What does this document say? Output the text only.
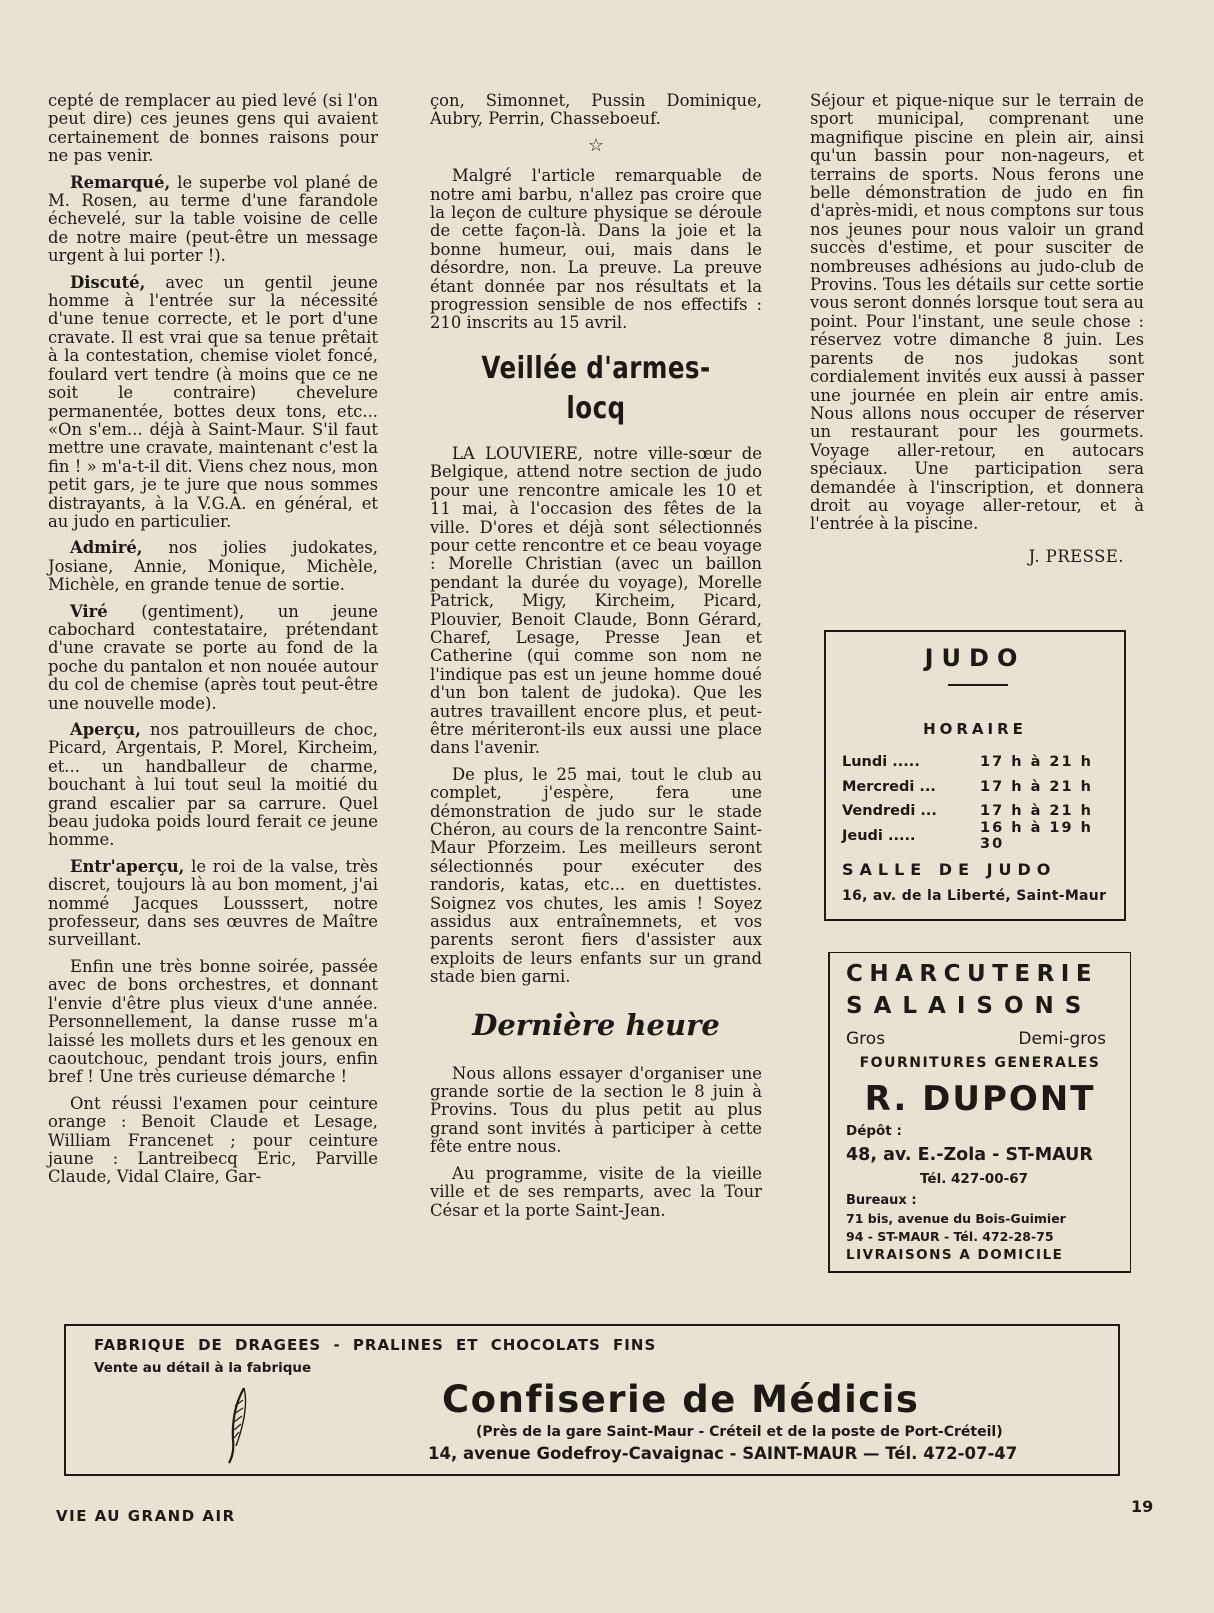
cepté de remplacer au pied levé (si l'on peut dire) ces jeunes gens qui avaient certainement de bonnes raisons pour ne pas venir.

Remarqué, le superbe vol plané de M. Rosen, au terme d'une farandole échevelé, sur la table voisine de celle de notre maire (peut-être un message urgent à lui porter !).

Discuté, avec un gentil jeune homme à l'entrée sur la nécessité d'une tenue correcte, et le port d'une cravate. Il est vrai que sa tenue prêtait à la contestation, chemise violet foncé, foulard vert tendre (à moins que ce ne soit le contraire) chevelure permanentée, bottes deux tons, etc... «On s'em... déjà à Saint-Maur. S'il faut mettre une cravate, maintenant c'est la fin ! » m'a-t-il dit. Viens chez nous, mon petit gars, je te jure que nous sommes distrayants, à la V.G.A. en général, et au judo en particulier.

Admiré, nos jolies judokates, Josiane, Annie, Monique, Michèle, Michèle, en grande tenue de sortie.

Viré (gentiment), un jeune cabochard contestataire, prétendant d'une cravate se porte au fond de la poche du pantalon et non nouée autour du col de chemise (après tout peut-être une nouvelle mode).

Aperçu, nos patrouilleurs de choc, Picard, Argentais, P. Morel, Kircheim, et... un handballeur de charme, bouchant à lui tout seul la moitié du grand escalier par sa carrure. Quel beau judoka poids lourd ferait ce jeune homme.

Entr'aperçu, le roi de la valse, très discret, toujours là au bon moment, j'ai nommé Jacques Lousssert, notre professeur, dans ses œuvres de Maître surveillant.

Enfin une très bonne soirée, passée avec de bons orchestres, et donnant l'envie d'être plus vieux d'une année. Personnellement, la danse russe m'a laissé les mollets durs et les genoux en caoutchouc, pendant trois jours, enfin bref ! Une très curieuse démarche !

Ont réussi l'examen pour ceinture orange : Benoit Claude et Lesage, William Francenet ; pour ceinture jaune : Lantreibecq Eric, Parville Claude, Vidal Claire, Gar-

çon, Simonnet, Pussin Dominique, Aubry, Perrin, Chasseboeuf.

☆

Malgré l'article remarquable de notre ami barbu, n'allez pas croire que la leçon de culture physique se déroule de cette façon-là. Dans la joie et la bonne humeur, oui, mais dans le désordre, non. La preuve. La preuve étant donnée par nos résultats et la progression sensible de nos effectifs : 210 inscrits au 15 avril.

Veillée d'armes-locq

LA LOUVIERE, notre ville-sœur de Belgique, attend notre section de judo pour une rencontre amicale les 10 et 11 mai, à l'occasion des fêtes de la ville. D'ores et déjà sont sélectionnés pour cette rencontre et ce beau voyage : Morelle Christian (avec un baillon pendant la durée du voyage), Morelle Patrick, Migy, Kircheim, Picard, Plouvier, Benoit Claude, Bonn Gérard, Charef, Lesage, Presse Jean et Catherine (qui comme son nom ne l'indique pas est un jeune homme doué d'un bon talent de judoka). Que les autres travaillent encore plus, et peut-être mériteront-ils eux aussi une place dans l'avenir.

De plus, le 25 mai, tout le club au complet, j'espère, fera une démonstration de judo sur le stade Chéron, au cours de la rencontre Saint-Maur Pforzeim. Les meilleurs seront sélectionnés pour exécuter des randoris, katas, etc... en duettistes. Soignez vos chutes, les amis ! Soyez assidus aux entraînemnets, et vos parents seront fiers d'assister aux exploits de leurs enfants sur un grand stade bien garni.

Dernière heure

Nous allons essayer d'organiser une grande sortie de la section le 8 juin à Provins. Tous du plus petit au plus grand sont invités à participer à cette fête entre nous.

Au programme, visite de la vieille ville et de ses remparts, avec la Tour César et la porte Saint-Jean.

Séjour et pique-nique sur le terrain de sport municipal, comprenant une magnifique piscine en plein air, ainsi qu'un bassin pour non-nageurs, et terrains de sports. Nous ferons une belle démonstration de judo en fin d'après-midi, et nous comptons sur tous nos jeunes pour nous valoir un grand succès d'estime, et pour susciter de nombreuses adhésions au judo-club de Provins. Tous les détails sur cette sortie vous seront donnés lorsque tout sera au point. Pour l'instant, une seule chose : réservez votre dimanche 8 juin. Les parents de nos judokas sont cordialement invités eux aussi à passer une journée en plein air entre amis. Nous allons nous occuper de réserver un restaurant pour les gourmets. Voyage aller-retour, en autocars spéciaux. Une participation sera demandée à l'inscription, et donnera droit au voyage aller-retour, et à l'entrée à la piscine.

J. PRESSE.
JUDO
HORAIRE
Lundi .....	17 h à 21 h
Mercredi ...	17 h à 21 h
Vendredi ...	17 h à 21 h
Jeudi .....	16 h à 19 h 30
SALLE DE JUDO
16, av. de la Liberté, Saint-Maur
CHARCUTERIE
SALAISONS
Gros	Demi-gros
FOURNITURES GENERALES
R. DUPONT
Dépôt :
48, av. E.-Zola - ST-MAUR
Tél. 427-00-67
Bureaux :
71 bis, avenue du Bois-Guimier
94 - ST-MAUR - Tél. 472-28-75
LIVRAISONS A DOMICILE
FABRIQUE DE DRAGEES - PRALINES ET CHOCOLATS FINS
Vente au détail à la fabrique
Confiserie de Médicis
(Près de la gare Saint-Maur - Créteil et de la poste de Port-Créteil)
14, avenue Godefroy-Cavaignac - SAINT-MAUR — Tél. 472-07-47
VIE AU GRAND AIR	19
